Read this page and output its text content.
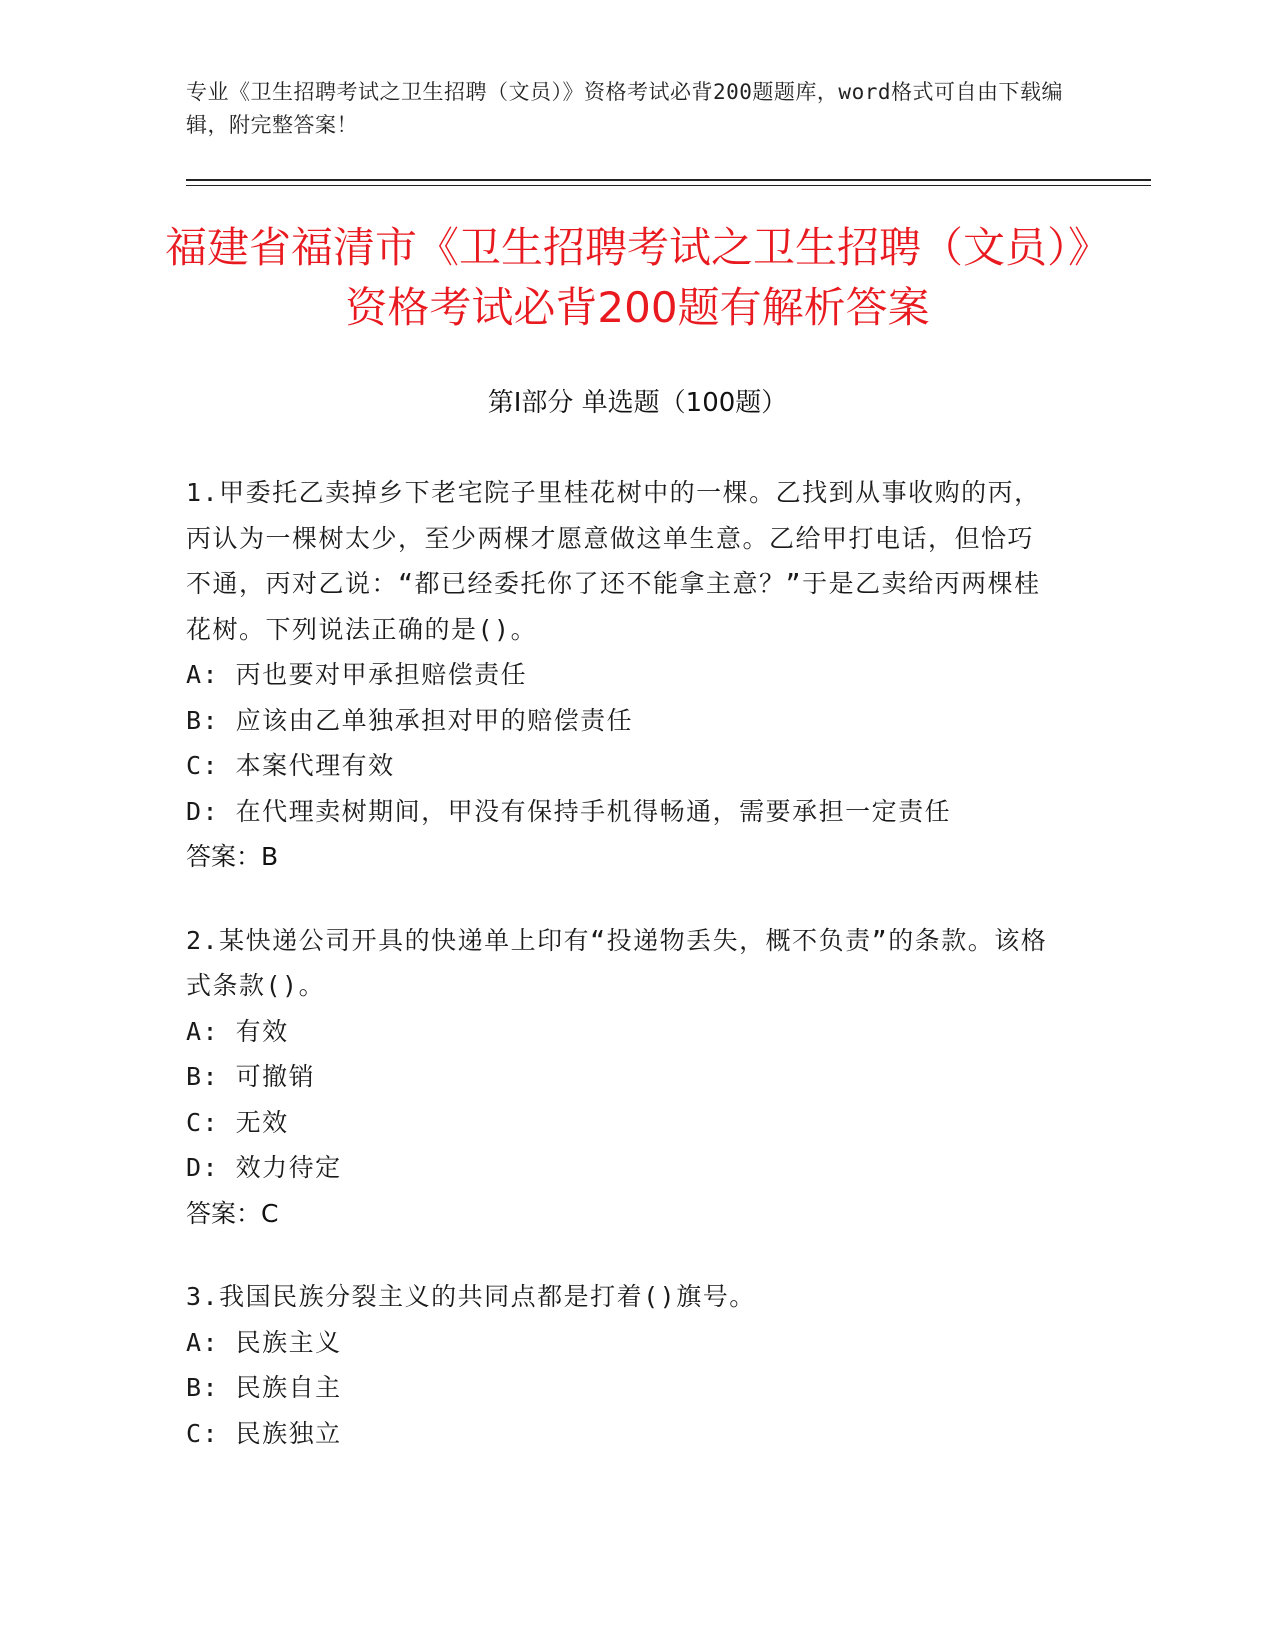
专业《卫生招聘考试之卫生招聘（文员）》资格考试必背200题题库，word格式可自由下载编辑，附完整答案！
福建省福清市《卫生招聘考试之卫生招聘（文员）》资格考试必背200题有解析答案
第Ⅰ部分 单选题（100题）
1.甲委托乙卖掉乡下老宅院子里桂花树中的一棵。乙找到从事收购的丙，丙认为一棵树太少，至少两棵才愿意做这单生意。乙给甲打电话，但恰巧不通，丙对乙说：“都已经委托你了还不能拿主意？”于是乙卖给丙两棵桂花树。下列说法正确的是()。
A: 丙也要对甲承担赔偿责任
B: 应该由乙单独承担对甲的赔偿责任
C: 本案代理有效
D: 在代理卖树期间，甲没有保持手机得畅通，需要承担一定责任
答案：B
2.某快递公司开具的快递单上印有“投递物丢失，概不负责”的条款。该格式条款()。
A: 有效
B: 可撤销
C: 无效
D: 效力待定
答案：C
3.我国民族分裂主义的共同点都是打着()旗号。
A: 民族主义
B: 民族自主
C: 民族独立
